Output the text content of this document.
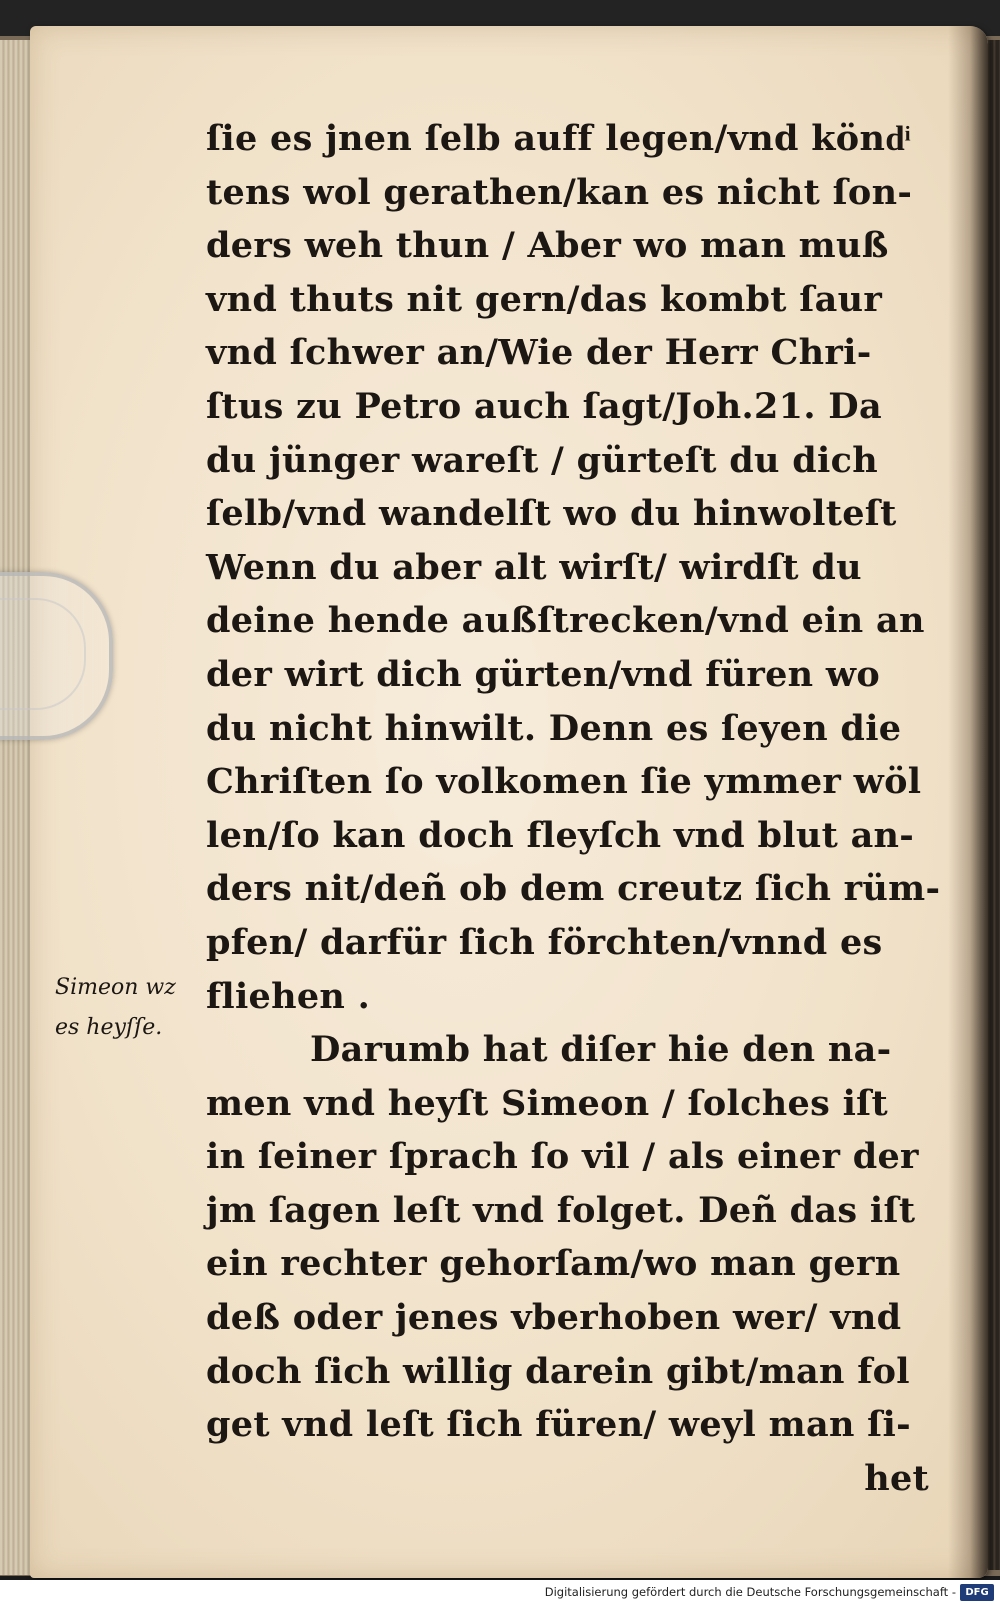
Simeon wz
es heyſſe.
ſie es jnen ſelb auff legen/vnd köndͥ
tens wol gerathen/kan es nicht ſon-
ders weh thun / Aber wo man muß
vnd thuts nit gern/das kombt ſaur
vnd ſchwer an/Wie der Herr Chri-
ſtus zu Petro auch ſagt/Joh.21. Da
du jünger wareſt / gürteſt du dich
ſelb/vnd wandelſt wo du hinwolteſt
Wenn du aber alt wirſt/ wirdſt du
deine hende außſtrecken/vnd ein an
der wirt dich gürten/vnd füren wo
du nicht hinwilt. Denn es ſeyen die
Chriſten ſo volkomen ſie ymmer wöl
len/ſo kan doch fleyſch vnd blut an-
ders nit/deñ ob dem creutz ſich rüm-
pfen/ darfür ſich förchten/vnnd es
fliehen .
Darumb hat diſer hie den na-
men vnd heyſt Simeon / ſolches iſt
in ſeiner ſprach ſo vil / als einer der
jm ſagen leſt vnd folget. Deñ das iſt
ein rechter gehorſam/wo man gern
deß oder jenes vberhoben wer/ vnd
doch ſich willig darein gibt/man fol
get vnd leſt ſich füren/ weyl man ſi-
het
Digitalisierung gefördert durch die Deutsche Forschungsgemeinschaft - DFG
